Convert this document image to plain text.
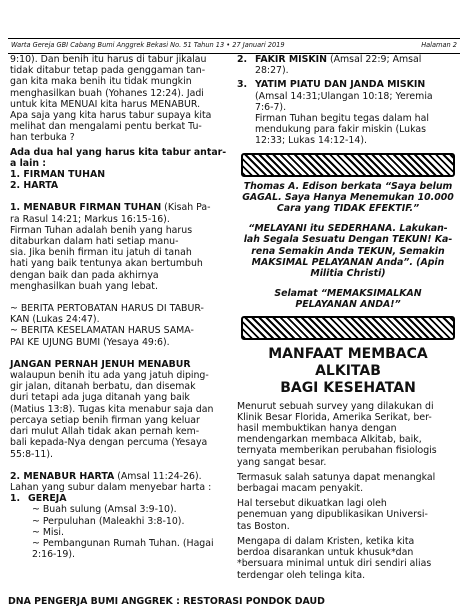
Warta Gereja GBI Cabang Bumi Anggrek Bekasi No. 51 Tahun 13 • 27 Januari 2019	Halaman 2

9:10). Dan benih itu harus di tabur jikalau
tidak ditabur tetap pada genggaman tan-
gan kita maka benih itu tidak mungkin
menghasilkan buah (Yohanes 12:24). Jadi
untuk kita MENUAI kita harus MENABUR.
Apa saja yang kita harus tabur supaya kita
melihat dan mengalami pentu berkat Tu-
han terbuka ?

Ada dua hal yang harus kita tabur antar-
a lain :
1. FIRMAN TUHAN
2. HARTA

1. MENABUR FIRMAN TUHAN (Kisah Pa-
ra Rasul 14:21; Markus 16:15-16).
Firman Tuhan adalah benih yang harus
ditaburkan dalam hati setiap manu-
sia. Jika benih firman itu jatuh di tanah
hati yang baik tentunya akan bertumbuh
dengan baik dan pada akhirnya
menghasilkan buah yang lebat.

~ BERITA PERTOBATAN HARUS DI TABUR-
KAN (Lukas 24:47).
~ BERITA KESELAMATAN HARUS SAMA-
PAI KE UJUNG BUMI (Yesaya 49:6).

JANGAN PERNAH JENUH MENABUR
walaupun benih itu ada yang jatuh diping-
gir jalan, ditanah berbatu, dan disemak
duri tetapi ada juga ditanah yang baik
(Matius 13:8). Tugas kita menabur saja dan
percaya setiap benih firman yang keluar
dari mulut Allah tidak akan pernah kem-
bali kepada-Nya dengan percuma (Yesaya
55:8-11).

2. MENABUR HARTA (Amsal 11:24-26).
Lahan yang subur dalam menyebar harta :

1. GEREJA

~ Buah sulung (Amsal 3:9-10).
~ Perpuluhan (Maleakhi 3:8-10).
~ Misi.
~ Pembangunan Rumah Tuhan. (Hagai
2:16-19).

2. FAKIR MISKIN (Amsal 22:9; Amsal

28:27).

3. YATIM PIATU DAN JANDA MISKIN

(Amsal 14:31;Ulangan 10:18; Yeremia
7:6-7).
Firman Tuhan begitu tegas dalam hal
mendukung para fakir miskin (Lukas
12:33; Lukas 14:12-14).

Thomas A. Edison berkata “Saya belum
GAGAL. Saya Hanya Menemukan 10.000
Cara yang TIDAK EFEKTIF.”

“MELAYANI itu SEDERHANA. Lakukan-
lah Segala Sesuatu Dengan TEKUN! Ka-
rena Semakin Anda TEKUN, Semakin
MAKSIMAL PELAYANAN Anda”. (Apin
Militia Christi)

Selamat “MEMAKSIMALKAN
PELAYANAN ANDA!”

MANFAAT MEMBACA ALKITAB
BAGI KESEHATAN

Menurut sebuah survey yang dilakukan di
Klinik Besar Florida, Amerika Serikat, ber-
hasil membuktikan hanya dengan
mendengarkan membaca Alkitab, baik,
ternyata memberikan perubahan fisiologis
yang sangat besar.

Termasuk salah satunya dapat menangkal
berbagai macam penyakit.

Hal tersebut dikuatkan lagi oleh
penemuan yang dipublikasikan Universi-
tas Boston.

Mengapa di dalam Kristen, ketika kita
berdoa disarankan untuk khusuk*dan
*bersuara minimal untuk diri sendiri alias
terdengar oleh telinga kita.

DNA PENGERJA BUMI ANGGREK : RESTORASI PONDOK DAUD
